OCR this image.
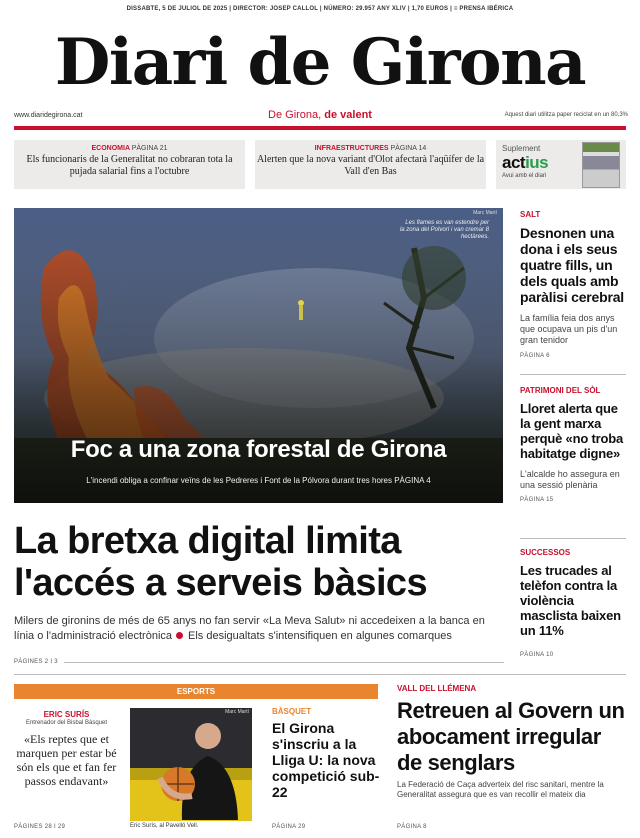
DISSABTE, 5 DE JULIOL DE 2025 | DIRECTOR: JOSEP CALLOL | NÚMERO: 29.957 ANY XLIV | 1,70 EUROS | ≡ PRENSA IBÉRICA
Diari de Girona
www.diaridegirona.cat	De Girona, de valent	Aquest diari utilitza paper reciclat en un 80,3%
ECONOMIA PÀGINA 21
Els funcionaris de la Generalitat no cobraran tota la pujada salarial fins a l'octubre
INFRAESTRUCTURES PÀGINA 14
Alerten que la nova variant d'Olot afectarà l'aqüífer de la Vall d'en Bas
Suplement
actius
Avui amb el diari
Marc Martí
Les flames es van estendre per la zona del Polvorí i van cremar 8 hectàrees.
Foc a una zona forestal de Girona
L'incendi obliga a confinar veïns de les Pedreres i Font de la Pólvora durant tres hores PÀGINA 4
La bretxa digital limita
l'accés a serveis bàsics
Milers de gironins de més de 65 anys no fan servir «La Meva Salut» ni accedeixen a la banca en línia o l'administració electrònica Els desigualtats s'intensifiquen en algunes comarques
PÀGINES 2 I 3
SALT
Desnonen una dona i els seus quatre fills, un dels quals amb paràlisi cerebral
La família feia dos anys que ocupava un pis d'un gran tenidor
PÀGINA 6
PATRIMONI DEL SÒL
Lloret alerta que la gent marxa perquè «no troba habitatge digne»
L'alcalde ho assegura en una sessió plenària
PÀGINA 15
SUCCESSOS
Les trucades al telèfon contra la violència masclista baixen un 11%
PÀGINA 10
ESPORTS
ERIC SURÍS
Entrenador del Bisbal Bàsquet
«Els reptes que et marquen per estar bé són els que et fan fer passos endavant»
PÀGINES 28 I 29
Marc Martí
Eric Surís, al Pavelló Vell.
BÀSQUET
El Girona s'inscriu a la Lliga U: la nova competició sub-22
PÀGINA 29
VALL DEL LLÉMENA
Retreuen al Govern un abocament irregular de senglars
La Federació de Caça adverteix del risc sanitari, mentre la Generalitat assegura que es van recollir el mateix dia
PÀGINA 8
